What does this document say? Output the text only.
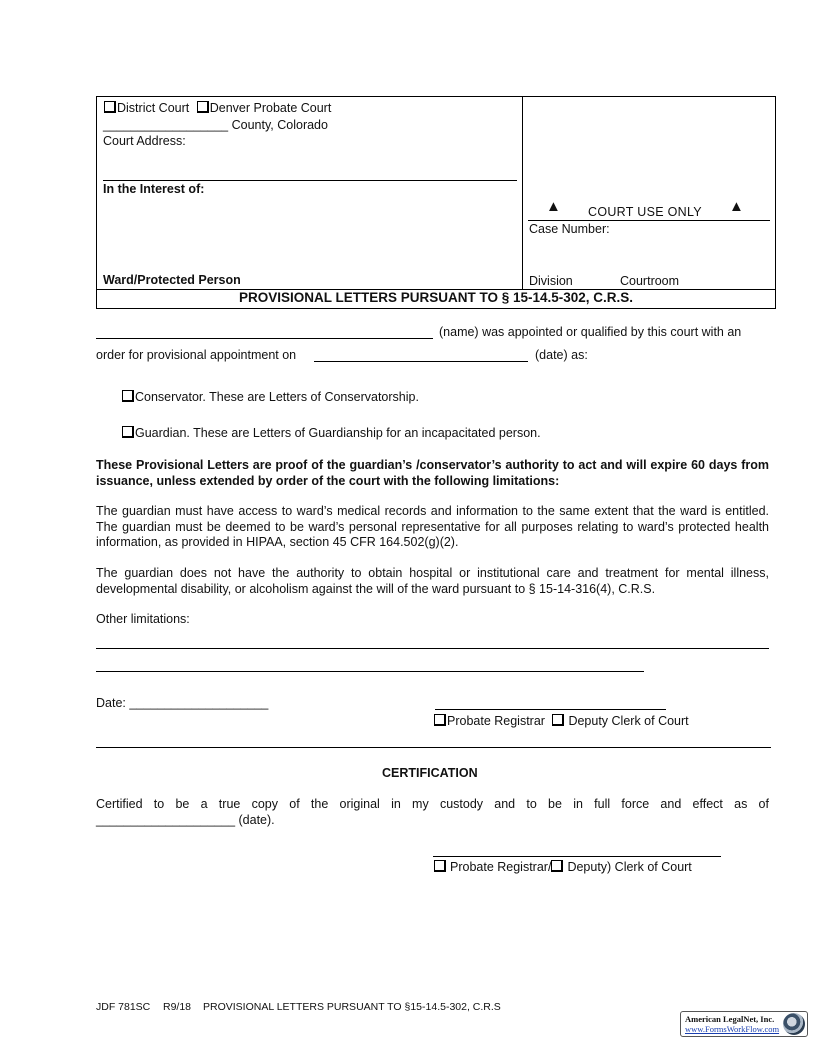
District Court Denver Probate Court
__________________ County, Colorado
Court Address:
In the Interest of:
Ward/Protected Person
▲ COURT USE ONLY ▲
Case Number:
Division	Courtroom
PROVISIONAL LETTERS PURSUANT TO § 15-14.5-302, C.R.S.
(name) was appointed or qualified by this court with an
order for provisional appointment on	(date) as:
Conservator. These are Letters of Conservatorship.
Guardian. These are Letters of Guardianship for an incapacitated person.
These Provisional Letters are proof of the guardian’s /conservator’s authority to act and will expire 60 days from issuance, unless extended by order of the court with the following limitations:
The guardian must have access to ward’s medical records and information to the same extent that the ward is entitled. The guardian must be deemed to be ward’s personal representative for all purposes relating to ward’s protected health information, as provided in HIPAA, section 45 CFR 164.502(g)(2).
The guardian does not have the authority to obtain hospital or institutional care and treatment for mental illness, developmental disability, or alcoholism against the will of the ward pursuant to § 15-14-316(4), C.R.S.
Other limitations:
Date: ____________________
Probate Registrar Deputy Clerk of Court
CERTIFICATION
Certified to be a true copy of the original in my custody and to be in full force and effect as of
____________________ (date).
Probate Registrar/ Deputy) Clerk of Court
JDF 781SC R9/18 PROVISIONAL LETTERS PURSUANT TO §15-14.5-302, C.R.S
American LegalNet, Inc.
www.FormsWorkFlow.com
